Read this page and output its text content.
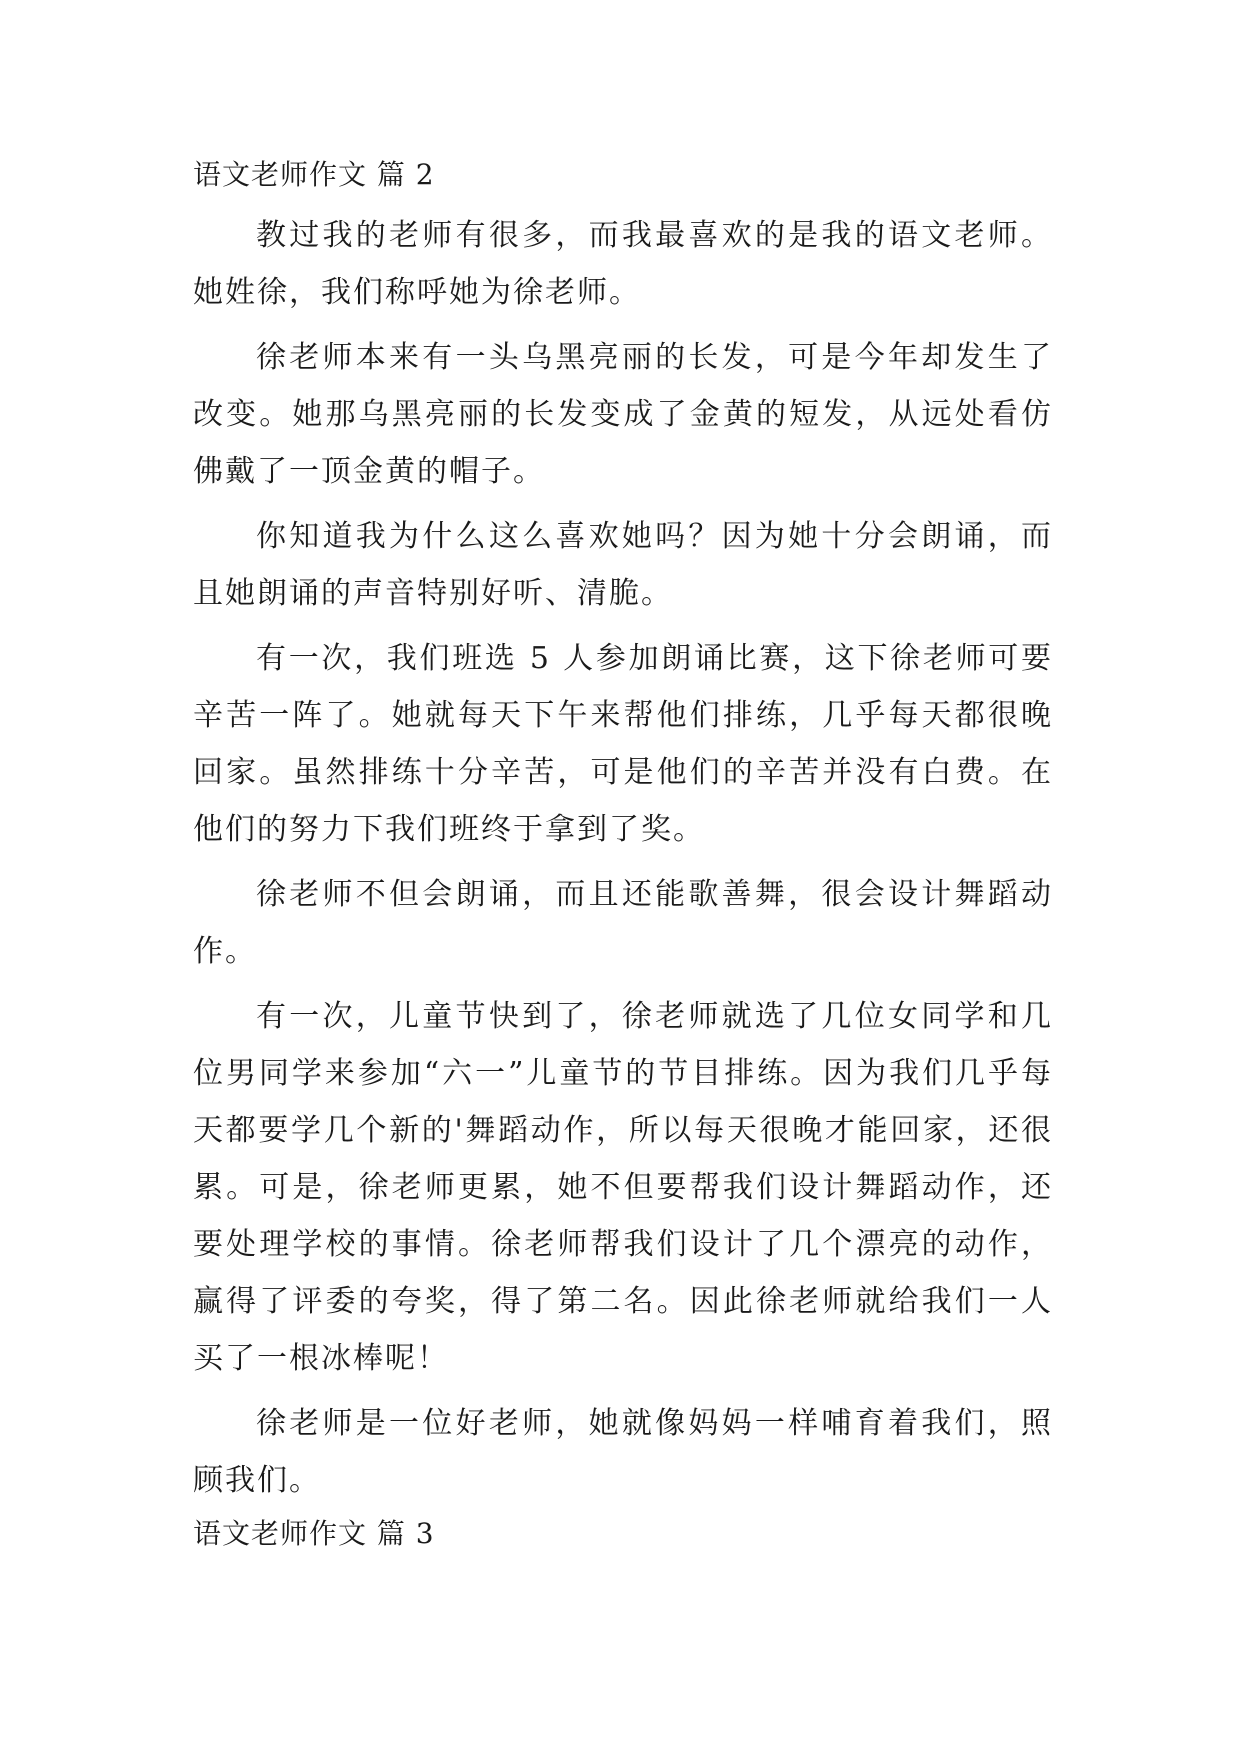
语文老师作文 篇 2

教过我的老师有很多，而我最喜欢的是我的语文老师。她姓徐，我们称呼她为徐老师。

徐老师本来有一头乌黑亮丽的长发，可是今年却发生了改变。她那乌黑亮丽的长发变成了金黄的短发，从远处看仿佛戴了一顶金黄的帽子。

你知道我为什么这么喜欢她吗？因为她十分会朗诵，而且她朗诵的声音特别好听、清脆。

有一次，我们班选 5 人参加朗诵比赛，这下徐老师可要辛苦一阵了。她就每天下午来帮他们排练，几乎每天都很晚回家。虽然排练十分辛苦，可是他们的辛苦并没有白费。在他们的努力下我们班终于拿到了奖。

徐老师不但会朗诵，而且还能歌善舞，很会设计舞蹈动作。

有一次，儿童节快到了，徐老师就选了几位女同学和几位男同学来参加“六一”儿童节的节目排练。因为我们几乎每天都要学几个新的'舞蹈动作，所以每天很晚才能回家，还很累。可是，徐老师更累，她不但要帮我们设计舞蹈动作，还要处理学校的事情。徐老师帮我们设计了几个漂亮的动作，赢得了评委的夸奖，得了第二名。因此徐老师就给我们一人买了一根冰棒呢！

徐老师是一位好老师，她就像妈妈一样哺育着我们，照顾我们。

语文老师作文 篇 3
